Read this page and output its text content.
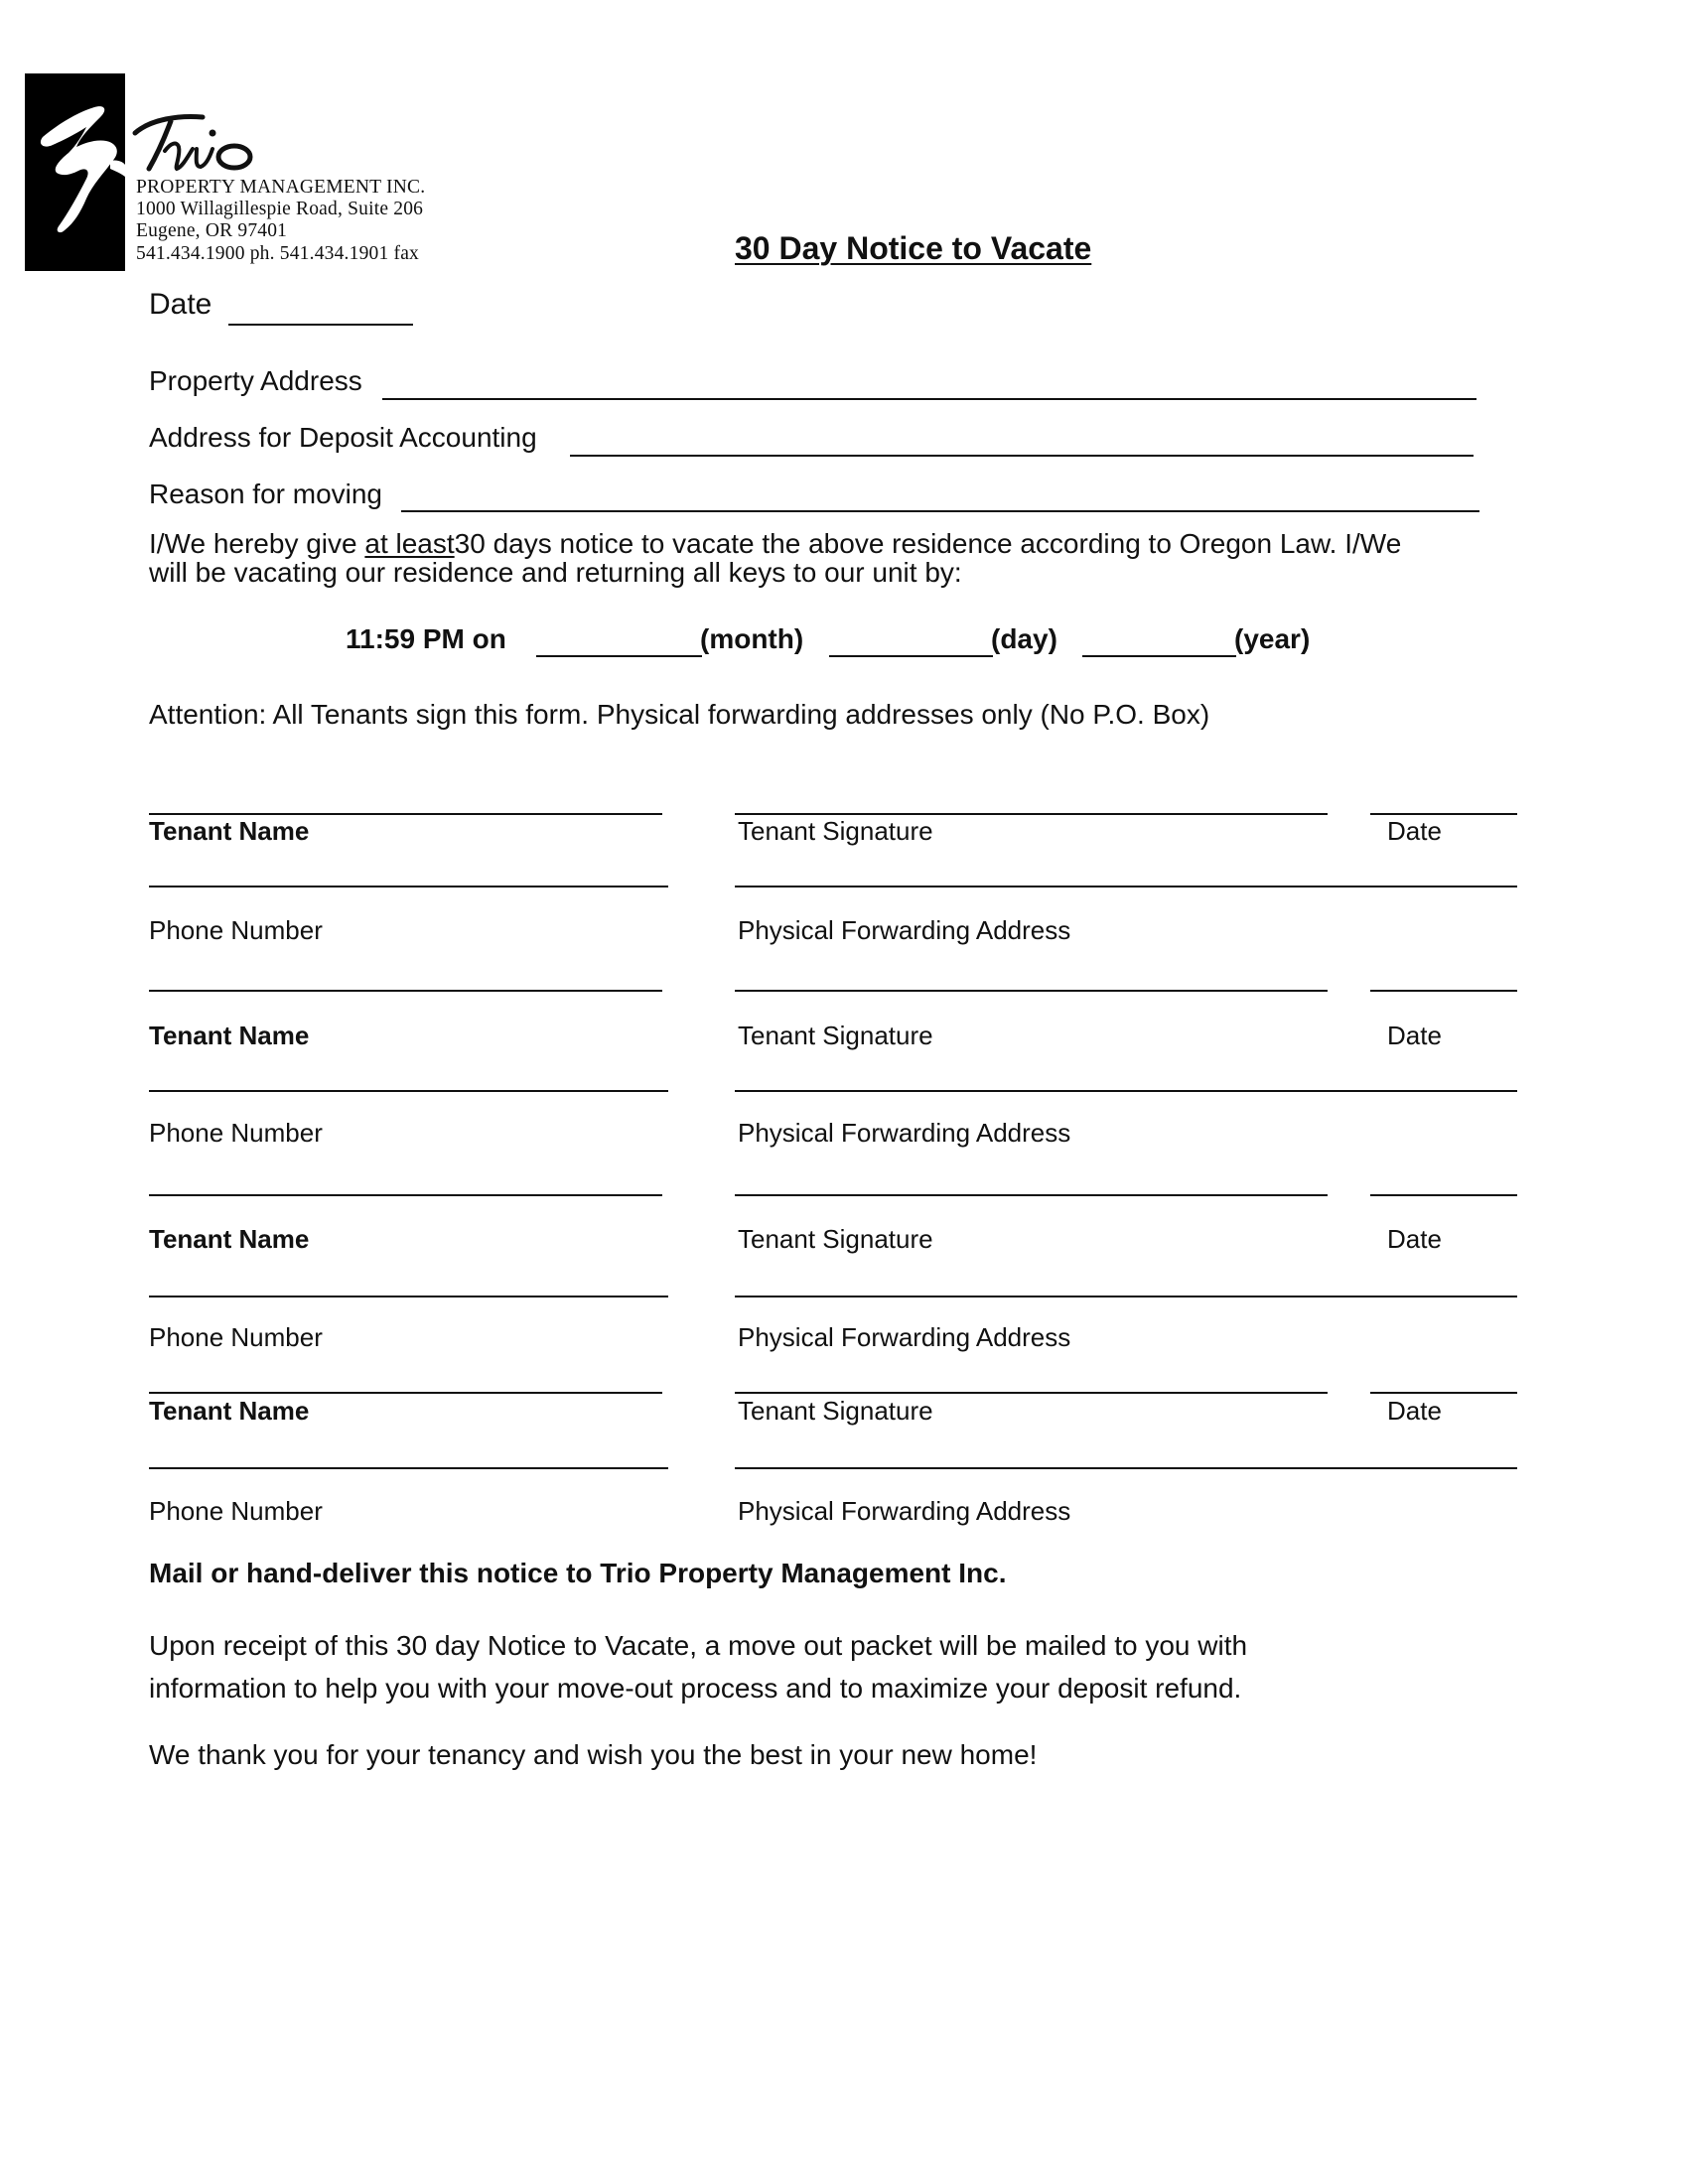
PROPERTY MANAGEMENT INC.
1000 Willagillespie Road, Suite 206
Eugene, OR 97401
541.434.1900 ph. 541.434.1901 fax	30 Day Notice to Vacate
Date
Property Address
Address for Deposit Accounting
Reason for moving
I/We hereby give at least30 days notice to vacate the above residence according to Oregon Law. I/We
will be vacating our residence and returning all keys to our unit by:
11:59 PM on	(month)	(day)	(year)
Attention: All Tenants sign this form. Physical forwarding addresses only (No P.O. Box)
Tenant Name	Tenant Signature	Date
Phone Number	Physical Forwarding Address
Tenant Name	Tenant Signature	Date
Phone Number	Physical Forwarding Address
Tenant Name	Tenant Signature	Date
Phone Number	Physical Forwarding Address
Tenant Name	Tenant Signature	Date
Phone Number	Physical Forwarding Address
Mail or hand-deliver this notice to Trio Property Management Inc.
Upon receipt of this 30 day Notice to Vacate, a move out packet will be mailed to you with
information to help you with your move-out process and to maximize your deposit refund.
We thank you for your tenancy and wish you the best in your new home!
